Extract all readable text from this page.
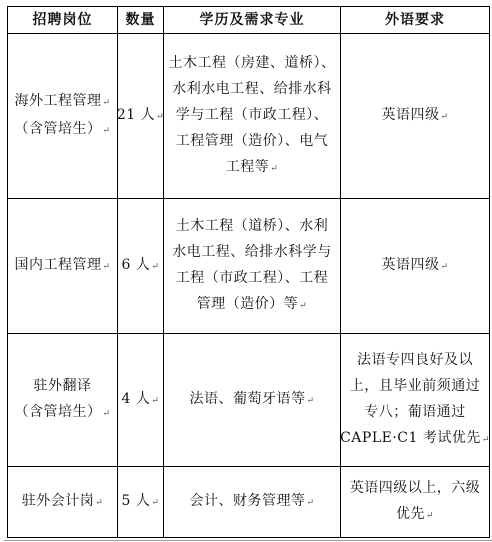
招聘岗位 数量	学历及需求专业	外语要求
海外工程管理↵
（含管培生）↵
21 人↵
土木工程（房建、道桥）、
水利水电工程、给排水科
学与工程（市政工程）、
工程管理（造价）、电气
工程等↵
英语四级↵
国内工程管理↵ 6 人↵
土木工程（道桥）、水利
水电工程、给排水科学与
工程（市政工程）、工程
管理（造价）等↵
英语四级↵
驻外翻译
（含管培生）↵
4 人↵ 法语、葡萄牙语等↵
法语专四良好及以
上，且毕业前须通过
专八；葡语通过
CAPLE·C1 考试优先↵
驻外会计岗↵ 5 人↵ 会计、财务管理等↵
英语四级以上，六级
优先↵
